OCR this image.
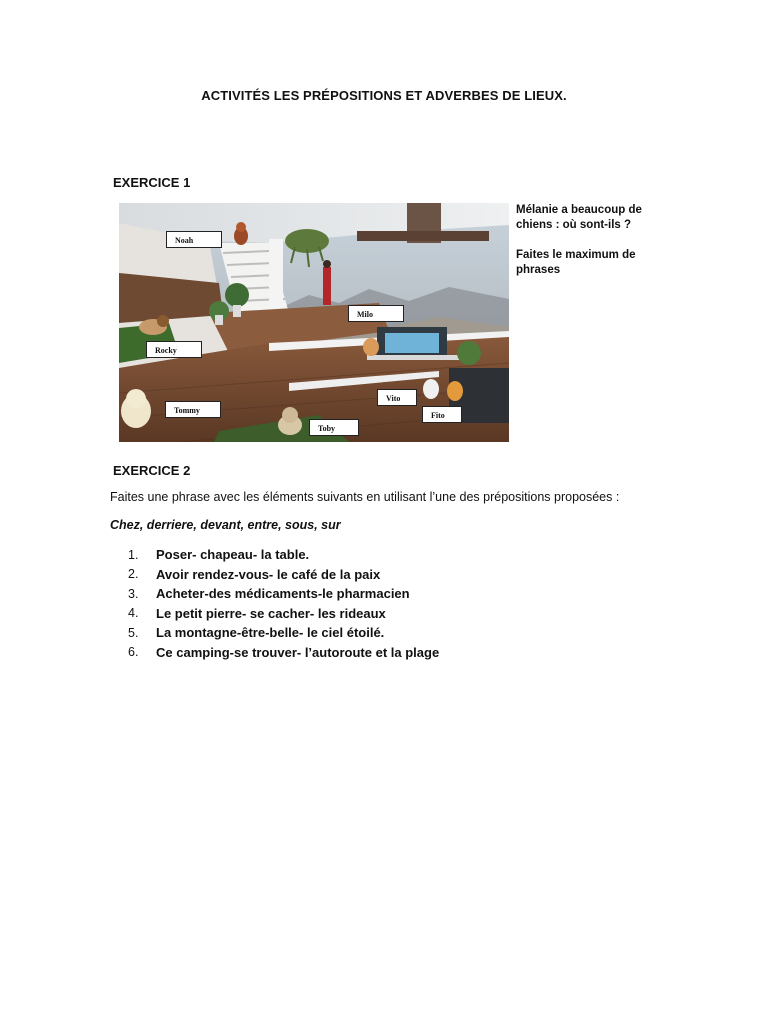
ACTIVITÉS LES PRÉPOSITIONS ET ADVERBES DE LIEUX.
EXERCICE 1
Noah
Milo
Rocky
Vito
Fito
Tommy
Toby
Mélanie a beaucoup de chiens : où sont-ils ?
Faites le maximum de phrases
EXERCICE 2
Faites une phrase avec les éléments suivants en utilisant l’une des prépositions proposées :
Chez, derriere, devant, entre, sous, sur
1.	Poser- chapeau- la table.
2.	Avoir rendez-vous- le café de la paix
3.	Acheter-des médicaments-le pharmacien
4.	Le petit pierre- se cacher- les rideaux
5.	La montagne-être-belle- le ciel étoilé.
6.	Ce camping-se trouver- l’autoroute et la plage
